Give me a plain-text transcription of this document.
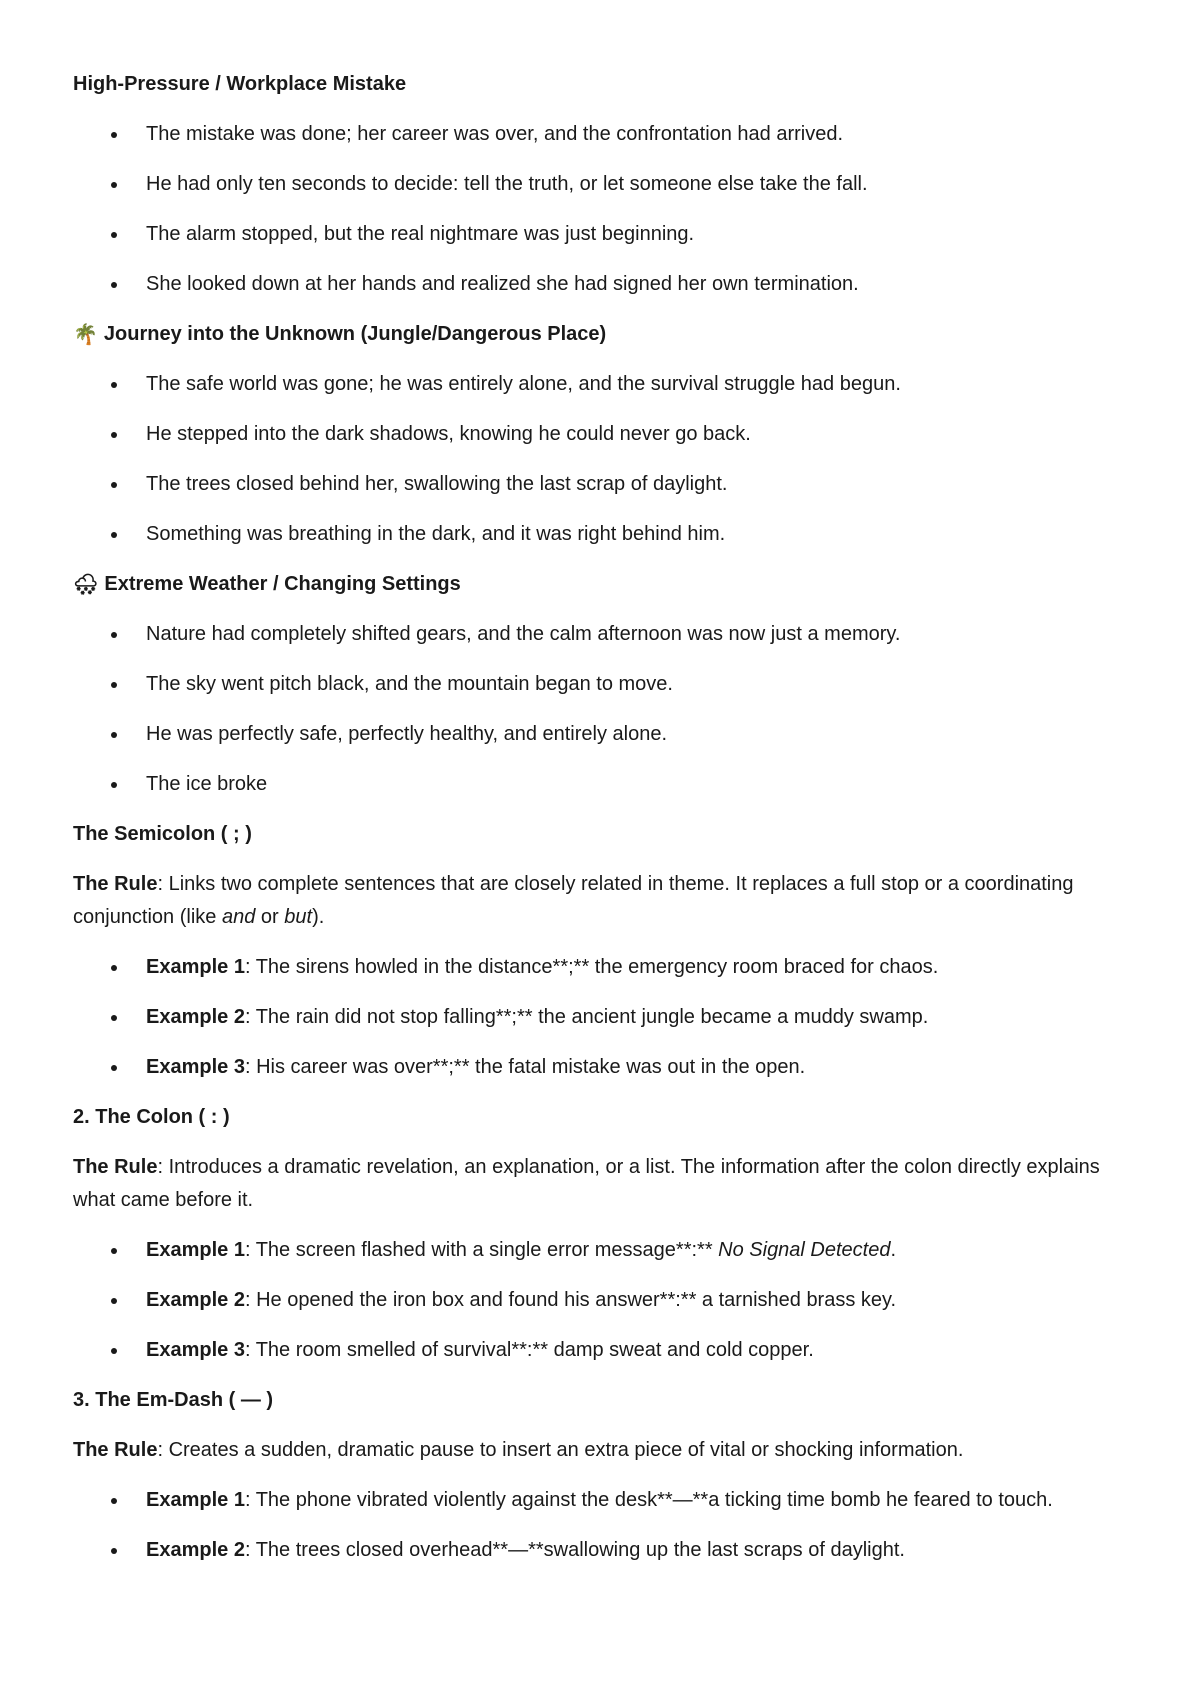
High-Pressure / Workplace Mistake
The mistake was done; her career was over, and the confrontation had arrived.
He had only ten seconds to decide: tell the truth, or let someone else take the fall.
The alarm stopped, but the real nightmare was just beginning.
She looked down at her hands and realized she had signed her own termination.
🌴 Journey into the Unknown (Jungle/Dangerous Place)
The safe world was gone; he was entirely alone, and the survival struggle had begun.
He stepped into the dark shadows, knowing he could never go back.
The trees closed behind her, swallowing the last scrap of daylight.
Something was breathing in the dark, and it was right behind him.
🌨 Extreme Weather / Changing Settings
Nature had completely shifted gears, and the calm afternoon was now just a memory.
The sky went pitch black, and the mountain began to move.
He was perfectly safe, perfectly healthy, and entirely alone.
The ice broke
The Semicolon ( ; )

The Rule: Links two complete sentences that are closely related in theme. It replaces a full stop or a coordinating conjunction (like and or but).

Example 1: The sirens howled in the distance**;** the emergency room braced for chaos.
Example 2: The rain did not stop falling**;** the ancient jungle became a muddy swamp.
Example 3: His career was over**;** the fatal mistake was out in the open.
2. The Colon ( : )

The Rule: Introduces a dramatic revelation, an explanation, or a list. The information after the colon directly explains what came before it.

Example 1: The screen flashed with a single error message**:** No Signal Detected.
Example 2: He opened the iron box and found his answer**:** a tarnished brass key.
Example 3: The room smelled of survival**:** damp sweat and cold copper.
3. The Em-Dash ( — )

The Rule: Creates a sudden, dramatic pause to insert an extra piece of vital or shocking information.

Example 1: The phone vibrated violently against the desk**—**a ticking time bomb he feared to touch.
Example 2: The trees closed overhead**—**swallowing up the last scraps of daylight.
